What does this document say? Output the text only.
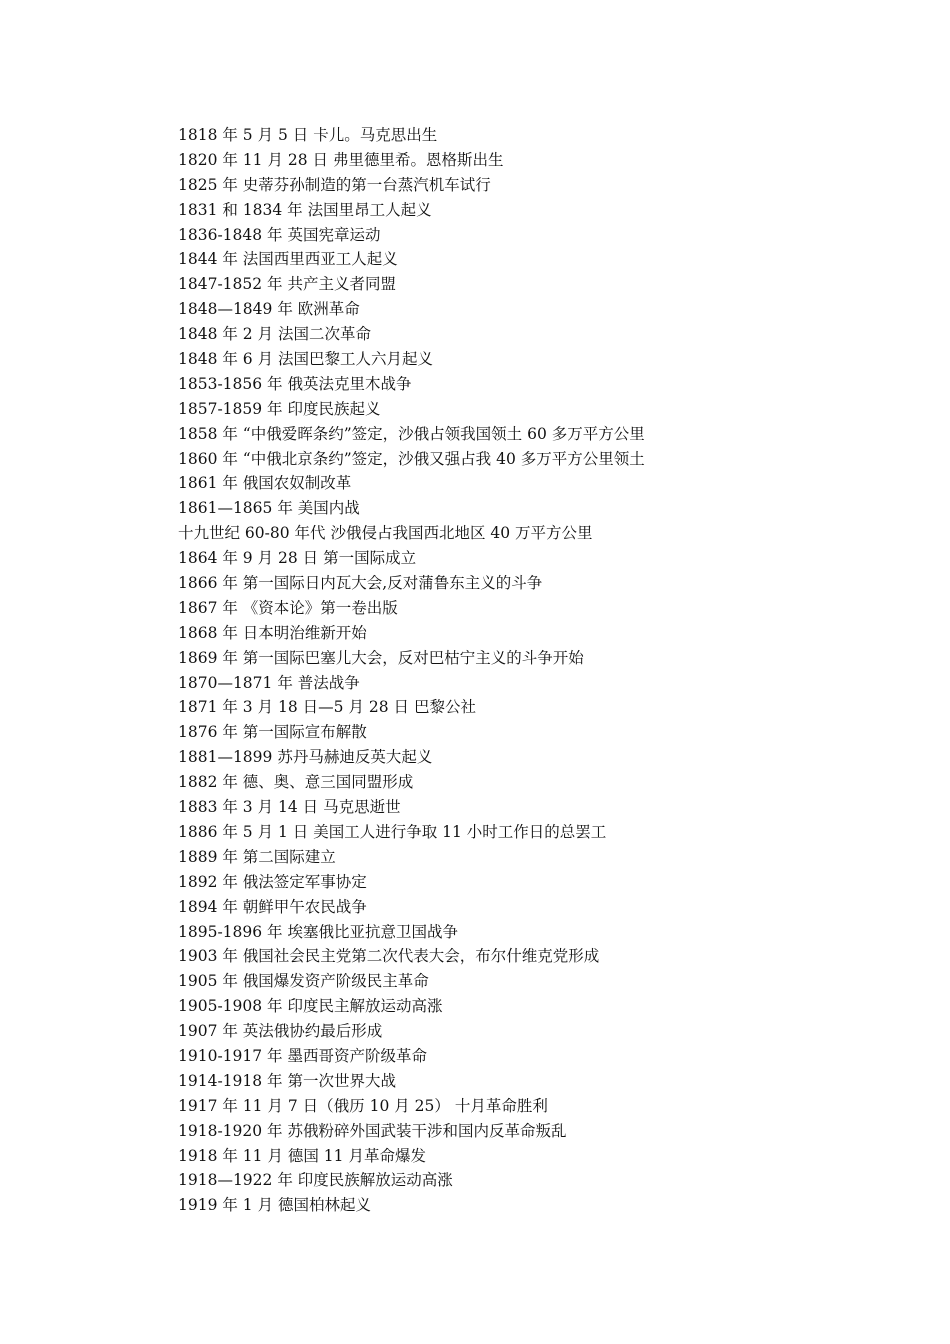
1818 年 5 月 5 日 卡儿。马克思出生
1820 年 11 月 28 日 弗里德里希。恩格斯出生
1825 年 史蒂芬孙制造的第一台蒸汽机车试行
1831 和 1834 年 法国里昂工人起义
1836-1848 年 英国宪章运动
1844 年 法国西里西亚工人起义
1847-1852 年 共产主义者同盟
1848—1849 年 欧洲革命
1848 年 2 月 法国二次革命
1848 年 6 月 法国巴黎工人六月起义
1853-1856 年 俄英法克里木战争
1857-1859 年 印度民族起义
1858 年 “中俄爱晖条约”签定，沙俄占领我国领土 60 多万平方公里
1860 年 “中俄北京条约”签定，沙俄又强占我 40 多万平方公里领土
1861 年 俄国农奴制改革
1861—1865 年 美国内战
十九世纪 60-80 年代 沙俄侵占我国西北地区 40 万平方公里
1864 年 9 月 28 日 第一国际成立
1866 年 第一国际日内瓦大会,反对蒲鲁东主义的斗争
1867 年 《资本论》第一卷出版
1868 年 日本明治维新开始
1869 年 第一国际巴塞儿大会，反对巴枯宁主义的斗争开始
1870—1871 年 普法战争
1871 年 3 月 18 日—5 月 28 日 巴黎公社
1876 年 第一国际宣布解散
1881—1899 苏丹马赫迪反英大起义
1882 年 德、奥、意三国同盟形成
1883 年 3 月 14 日 马克思逝世
1886 年 5 月 1 日 美国工人进行争取 11 小时工作日的总罢工
1889 年 第二国际建立
1892 年 俄法签定军事协定
1894 年 朝鲜甲午农民战争
1895-1896 年 埃塞俄比亚抗意卫国战争
1903 年 俄国社会民主党第二次代表大会，布尔什维克党形成
1905 年 俄国爆发资产阶级民主革命
1905-1908 年 印度民主解放运动高涨
1907 年 英法俄协约最后形成
1910-1917 年 墨西哥资产阶级革命
1914-1918 年 第一次世界大战
1917 年 11 月 7 日（俄历 10 月 25） 十月革命胜利
1918-1920 年 苏俄粉碎外国武装干涉和国内反革命叛乱
1918 年 11 月 德国 11 月革命爆发
1918—1922 年 印度民族解放运动高涨
1919 年 1 月 德国柏林起义
